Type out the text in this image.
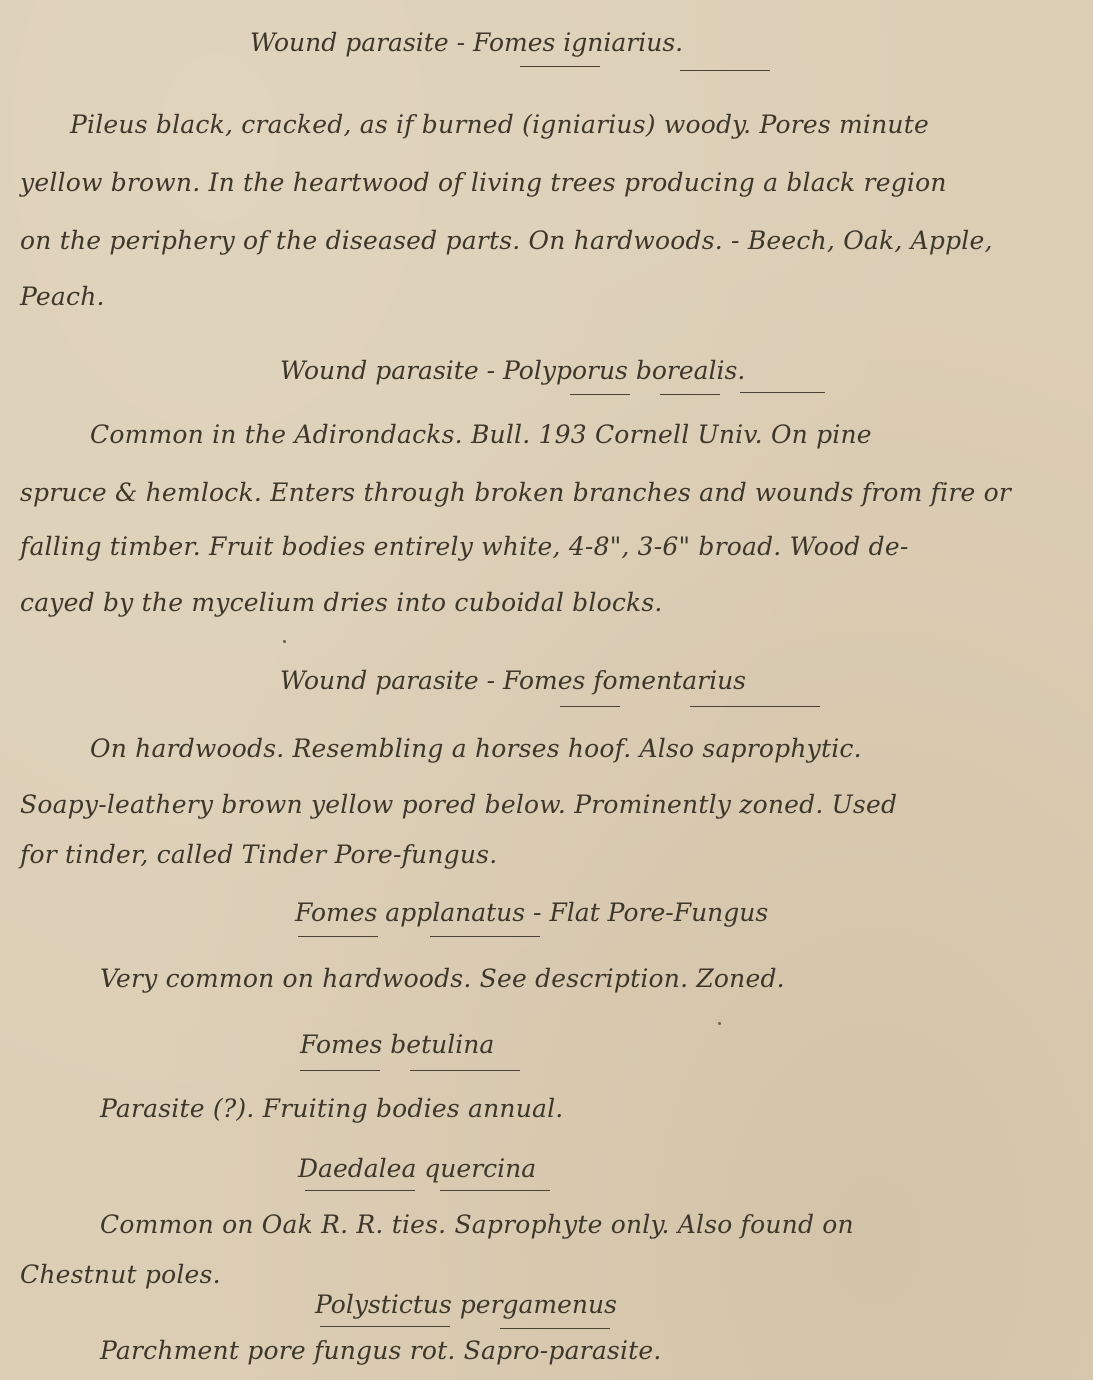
Wound parasite - Fomes igniarius.
Pileus black, cracked, as if burned (igniarius) woody. Pores minute
yellow brown. In the heartwood of living trees producing a black region
on the periphery of the diseased parts. On hardwoods. - Beech, Oak, Apple,
Peach.
Wound parasite - Polyporus borealis.
Common in the Adirondacks. Bull. 193 Cornell Univ. On pine
spruce & hemlock. Enters through broken branches and wounds from fire or
falling timber. Fruit bodies entirely white, 4-8", 3-6" broad. Wood de-
cayed by the mycelium dries into cuboidal blocks.
Wound parasite - Fomes fomentarius
On hardwoods. Resembling a horses hoof. Also saprophytic.
Soapy-leathery brown yellow pored below. Prominently zoned. Used
for tinder, called Tinder Pore-fungus.
Fomes applanatus - Flat Pore-Fungus
Very common on hardwoods. See description. Zoned.
Fomes betulina
Parasite (?). Fruiting bodies annual.
Daedalea quercina
Common on Oak R. R. ties. Saprophyte only. Also found on
Chestnut poles.
Polystictus pergamenus
Parchment pore fungus rot. Sapro-parasite.
